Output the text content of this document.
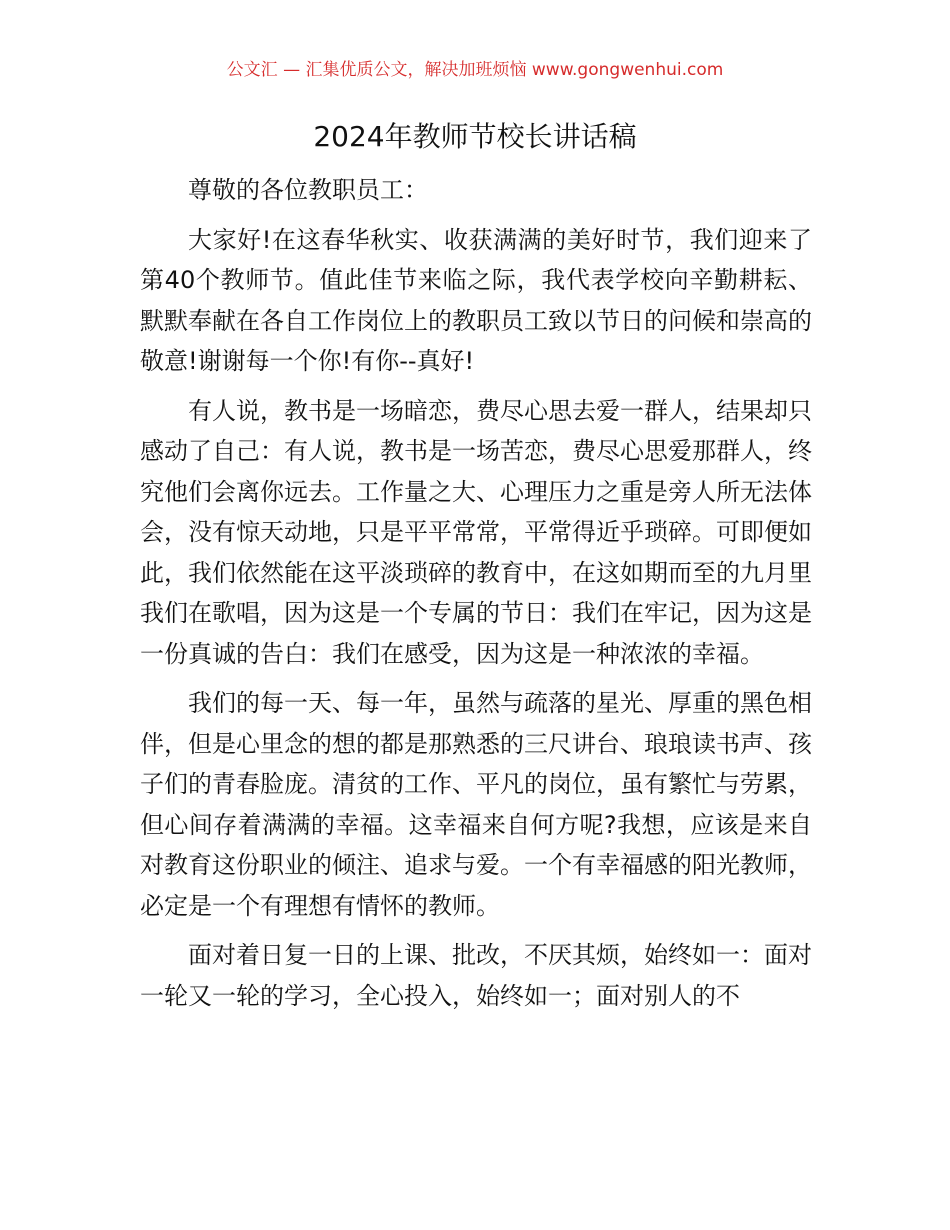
公文汇 — 汇集优质公文，解决加班烦恼 www.gongwenhui.com
2024年教师节校长讲话稿

尊敬的各位教职员工：

大家好!在这春华秋实、收获满满的美好时节，我们迎来了第40个教师节。值此佳节来临之际，我代表学校向辛勤耕耘、默默奉献在各自工作岗位上的教职员工致以节日的问候和崇高的敬意!谢谢每一个你!有你--真好!

有人说，教书是一场暗恋，费尽心思去爱一群人，结果却只感动了自己：有人说，教书是一场苦恋，费尽心思爱那群人，终究他们会离你远去。工作量之大、心理压力之重是旁人所无法体会，没有惊天动地，只是平平常常，平常得近乎琐碎。可即便如此，我们依然能在这平淡琐碎的教育中，在这如期而至的九月里我们在歌唱，因为这是一个专属的节日：我们在牢记，因为这是一份真诚的告白：我们在感受，因为这是一种浓浓的幸福。

我们的每一天、每一年，虽然与疏落的星光、厚重的黑色相伴，但是心里念的想的都是那熟悉的三尺讲台、琅琅读书声、孩子们的青春脸庞。清贫的工作、平凡的岗位，虽有繁忙与劳累，但心间存着满满的幸福。这幸福来自何方呢?我想，应该是来自对教育这份职业的倾注、追求与爱。一个有幸福感的阳光教师，必定是一个有理想有情怀的教师。

面对着日复一日的上课、批改，不厌其烦，始终如一：面对一轮又一轮的学习，全心投入，始终如一；面对别人的不
